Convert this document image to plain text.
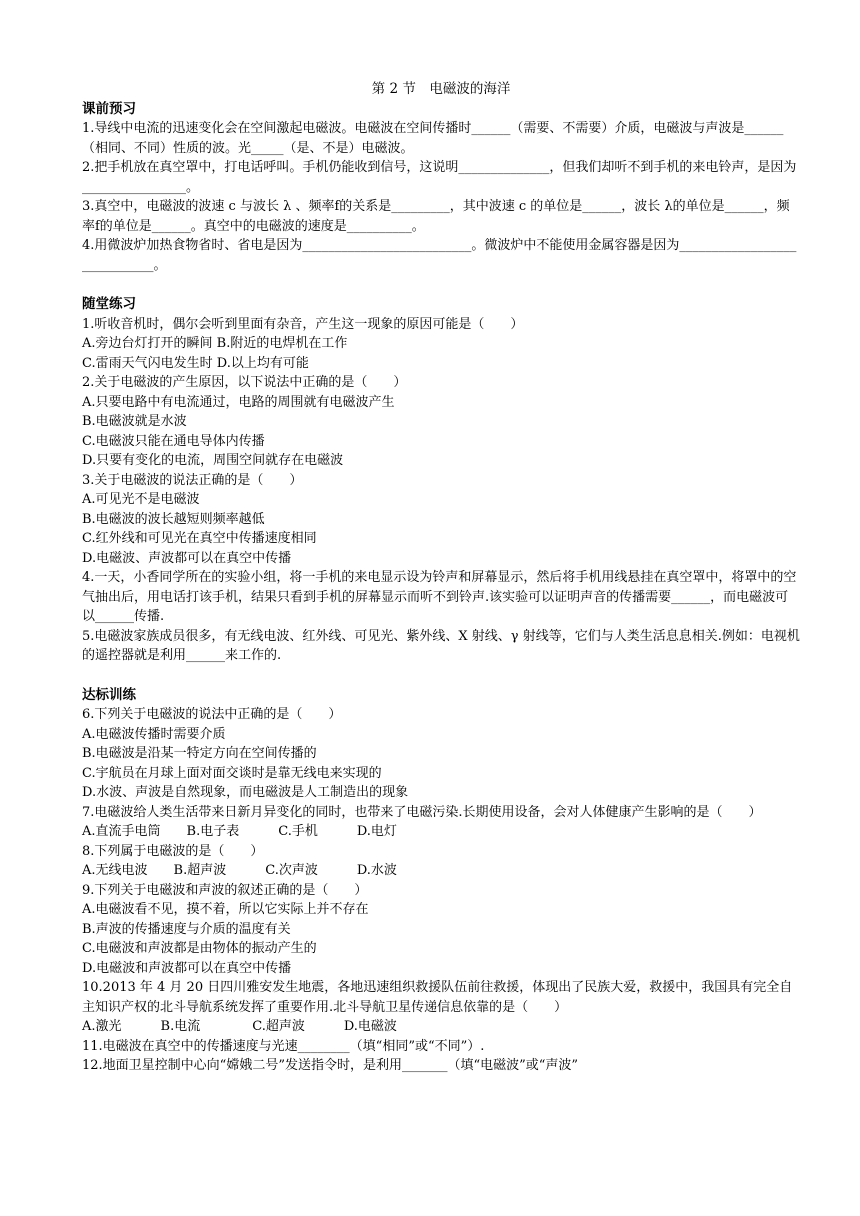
第 2 节　电磁波的海洋
课前预习
1.导线中电流的迅速变化会在空间激起电磁波。电磁波在空间传播时______（需要、不需要）介质，电磁波与声波是______（相同、不同）性质的波。光_____（是、不是）电磁波。
2.把手机放在真空罩中，打电话呼叫。手机仍能收到信号，这说明______________，但我们却听不到手机的来电铃声，是因为________________。
3.真空中，电磁波的波速 c 与波长 λ 、频率f的关系是_________，其中波速 c 的单位是______，波长 λ的单位是______，频率f的单位是______。真空中的电磁波的速度是__________。
4.用微波炉加热食物省时、省电是因为__________________________。微波炉中不能使用金属容器是因为_____________________________。
随堂练习
1.听收音机时，偶尔会听到里面有杂音，产生这一现象的原因可能是（　　）
A.旁边台灯打开的瞬间 B.附近的电焊机在工作
C.雷雨天气闪电发生时 D.以上均有可能
2.关于电磁波的产生原因，以下说法中正确的是（　　）
A.只要电路中有电流通过，电路的周围就有电磁波产生
B.电磁波就是水波
C.电磁波只能在通电导体内传播
D.只要有变化的电流，周围空间就存在电磁波
3.关于电磁波的说法正确的是（　　）
A.可见光不是电磁波
B.电磁波的波长越短则频率越低
C.红外线和可见光在真空中传播速度相同
D.电磁波、声波都可以在真空中传播
4.一天，小香同学所在的实验小组，将一手机的来电显示设为铃声和屏幕显示，然后将手机用线悬挂在真空罩中，将罩中的空气抽出后，用电话打该手机，结果只看到手机的屏幕显示而听不到铃声.该实验可以证明声音的传播需要______，而电磁波可以______传播.
5.电磁波家族成员很多，有无线电波、红外线、可见光、紫外线、X 射线、γ 射线等，它们与人类生活息息相关.例如：电视机的遥控器就是利用______来工作的.
达标训练
6.下列关于电磁波的说法中正确的是（　　）
A.电磁波传播时需要介质
B.电磁波是沿某一特定方向在空间传播的
C.宇航员在月球上面对面交谈时是靠无线电来实现的
D.水波、声波是自然现象，而电磁波是人工制造出的现象
7.电磁波给人类生活带来日新月异变化的同时，也带来了电磁污染.长期使用设备，会对人体健康产生影响的是（　　）
A.直流手电筒　　B.电子表　　　C.手机　　　D.电灯
8.下列属于电磁波的是（　　）
A.无线电波　　B.超声波　　　C.次声波　　　D.水波
9.下列关于电磁波和声波的叙述正确的是（　　）
A.电磁波看不见，摸不着，所以它实际上并不存在
B.声波的传播速度与介质的温度有关
C.电磁波和声波都是由物体的振动产生的
D.电磁波和声波都可以在真空中传播
10.2013 年 4 月 20 日四川雅安发生地震，各地迅速组织救援队伍前往救援，体现出了民族大爱，救援中，我国具有完全自主知识产权的北斗导航系统发挥了重要作用.北斗导航卫星传递信息依靠的是（　　）
A.激光　　　B.电流　　　　C.超声波　　　D.电磁波
11.电磁波在真空中的传播速度与光速________（填“相同”或“不同”）.
12.地面卫星控制中心向“嫦娥二号”发送指令时，是利用_______（填“电磁波”或“声波”
